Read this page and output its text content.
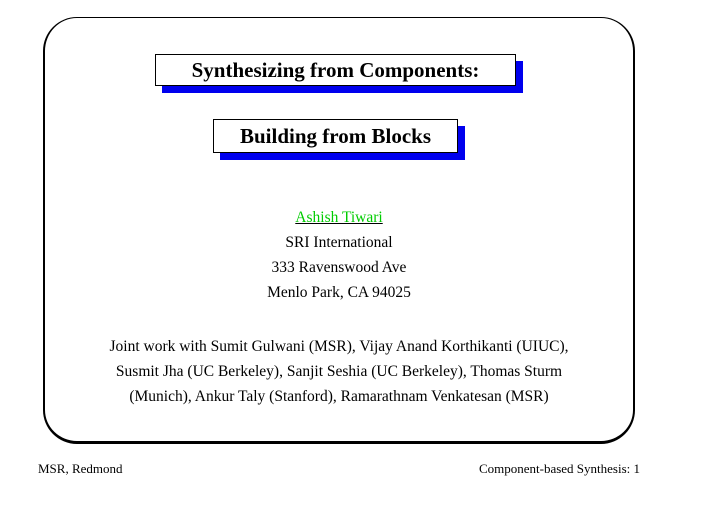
Synthesizing from Components:
Building from Blocks
Ashish Tiwari
SRI International
333 Ravenswood Ave
Menlo Park, CA 94025
Joint work with Sumit Gulwani (MSR), Vijay Anand Korthikanti (UIUC),
Susmit Jha (UC Berkeley), Sanjit Seshia (UC Berkeley), Thomas Sturm
(Munich), Ankur Taly (Stanford), Ramarathnam Venkatesan (MSR)
MSR, Redmond	Component-based Synthesis: 1
